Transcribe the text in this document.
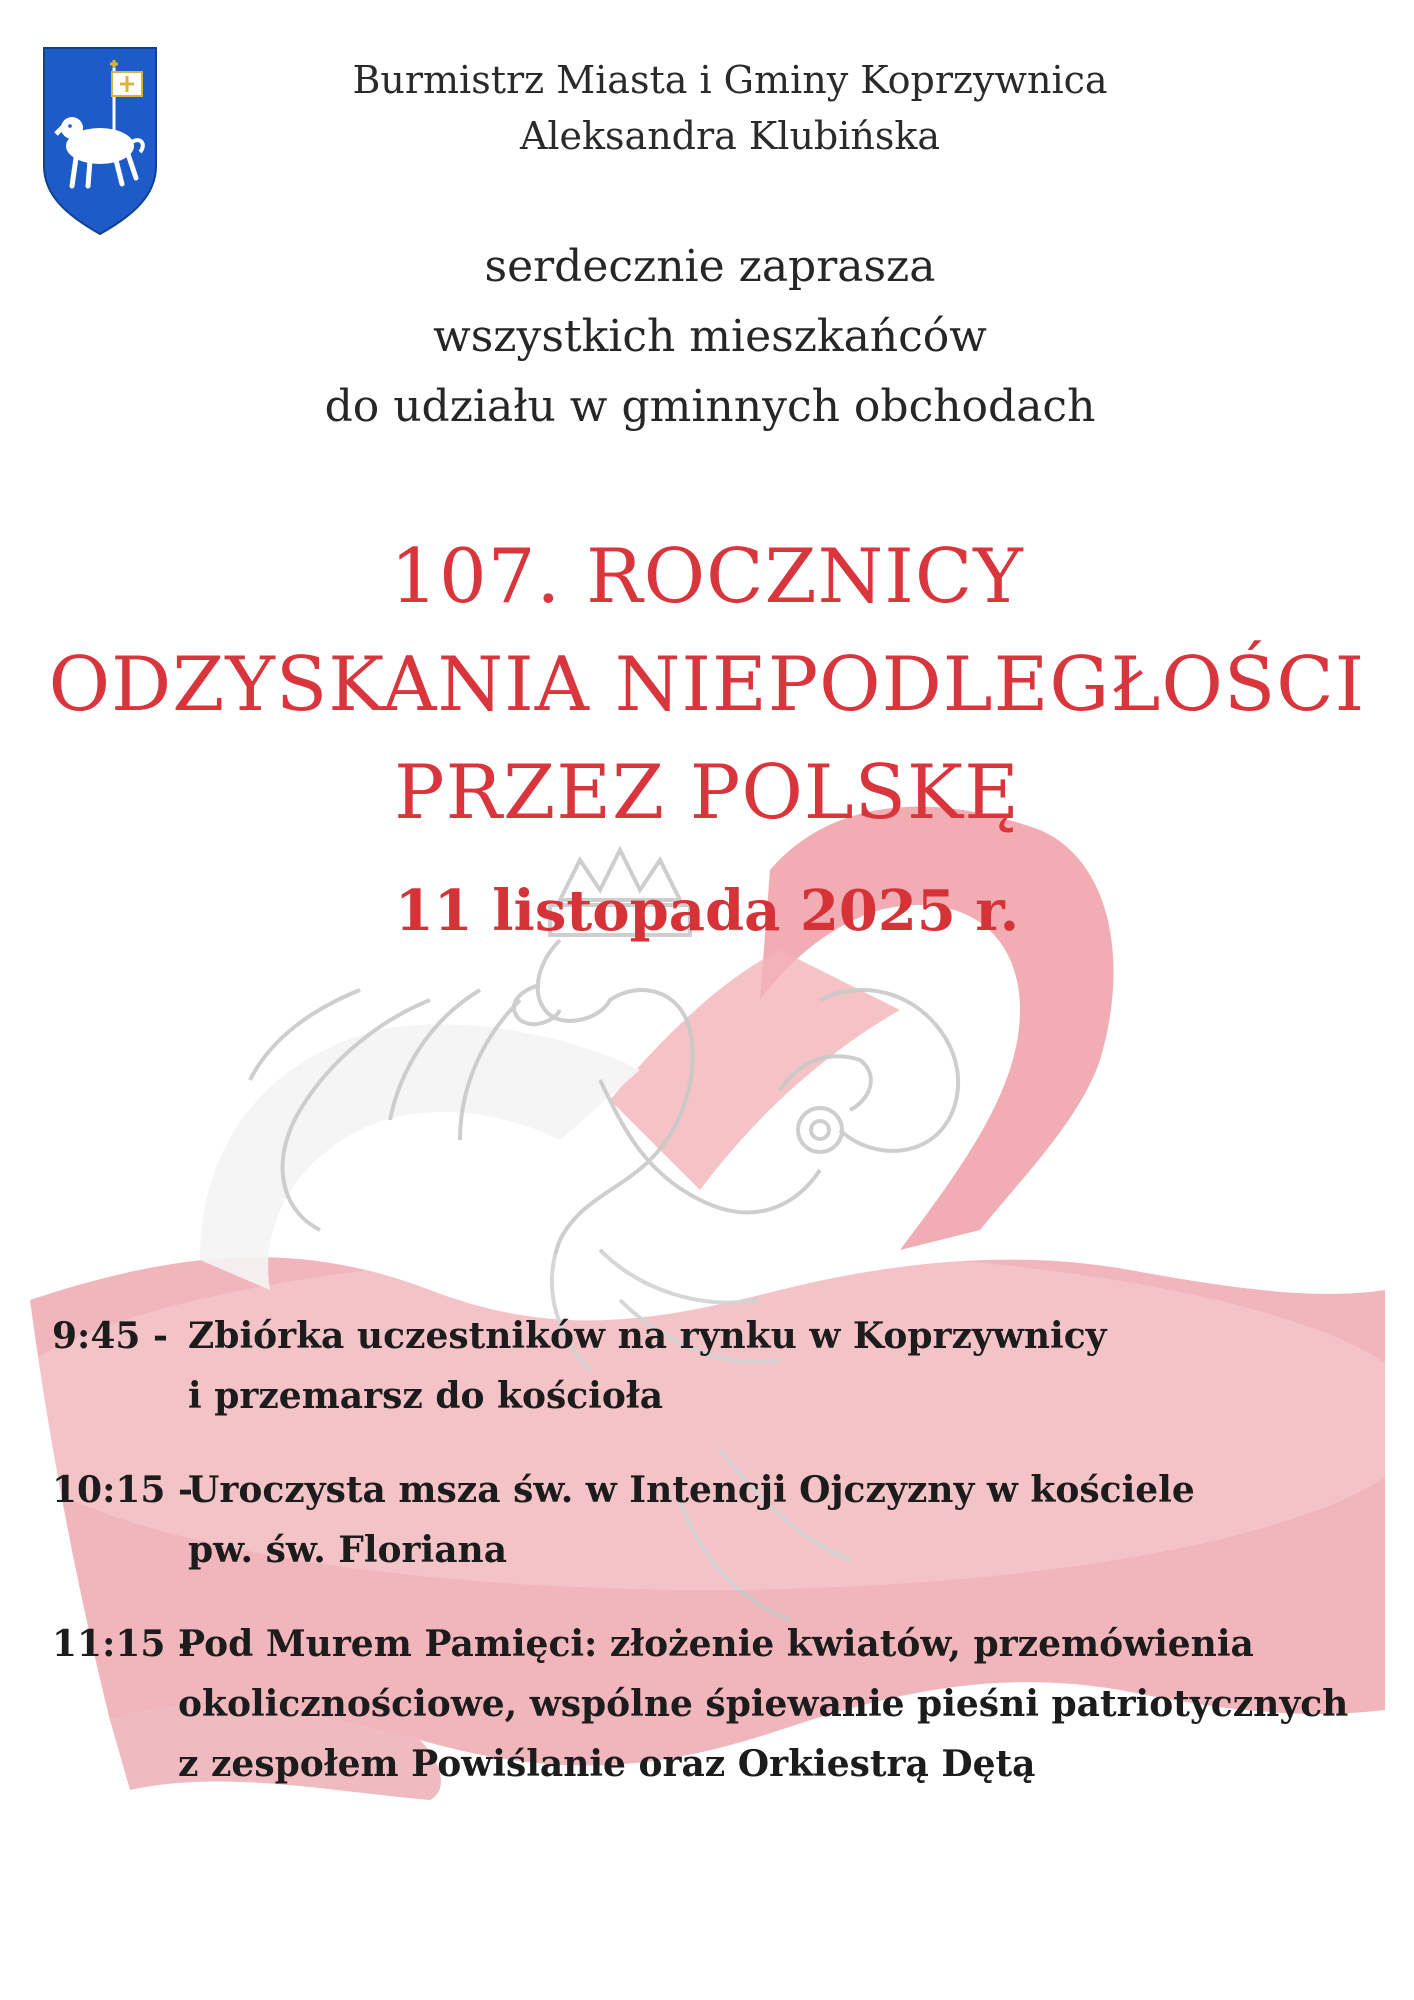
Burmistrz Miasta i Gminy Koprzywnica
Aleksandra Klubińska
serdecznie zaprasza
wszystkich mieszkańców
do udziału w gminnych obchodach
107. ROCZNICY
ODZYSKANIA NIEPODLEGŁOŚCI
PRZEZ POLSKĘ
11 listopada 2025 r.
9:45 - Zbiórka uczestników na rynku w Koprzywnicy
i przemarsz do kościoła
10:15 -Uroczysta msza św. w Intencji Ojczyzny w kościele
pw. św. Floriana
11:15 -Pod Murem Pamięci: złożenie kwiatów, przemówienia
okolicznościowe, wspólne śpiewanie pieśni patriotycznych
z zespołem Powiślanie oraz Orkiestrą Dętą
